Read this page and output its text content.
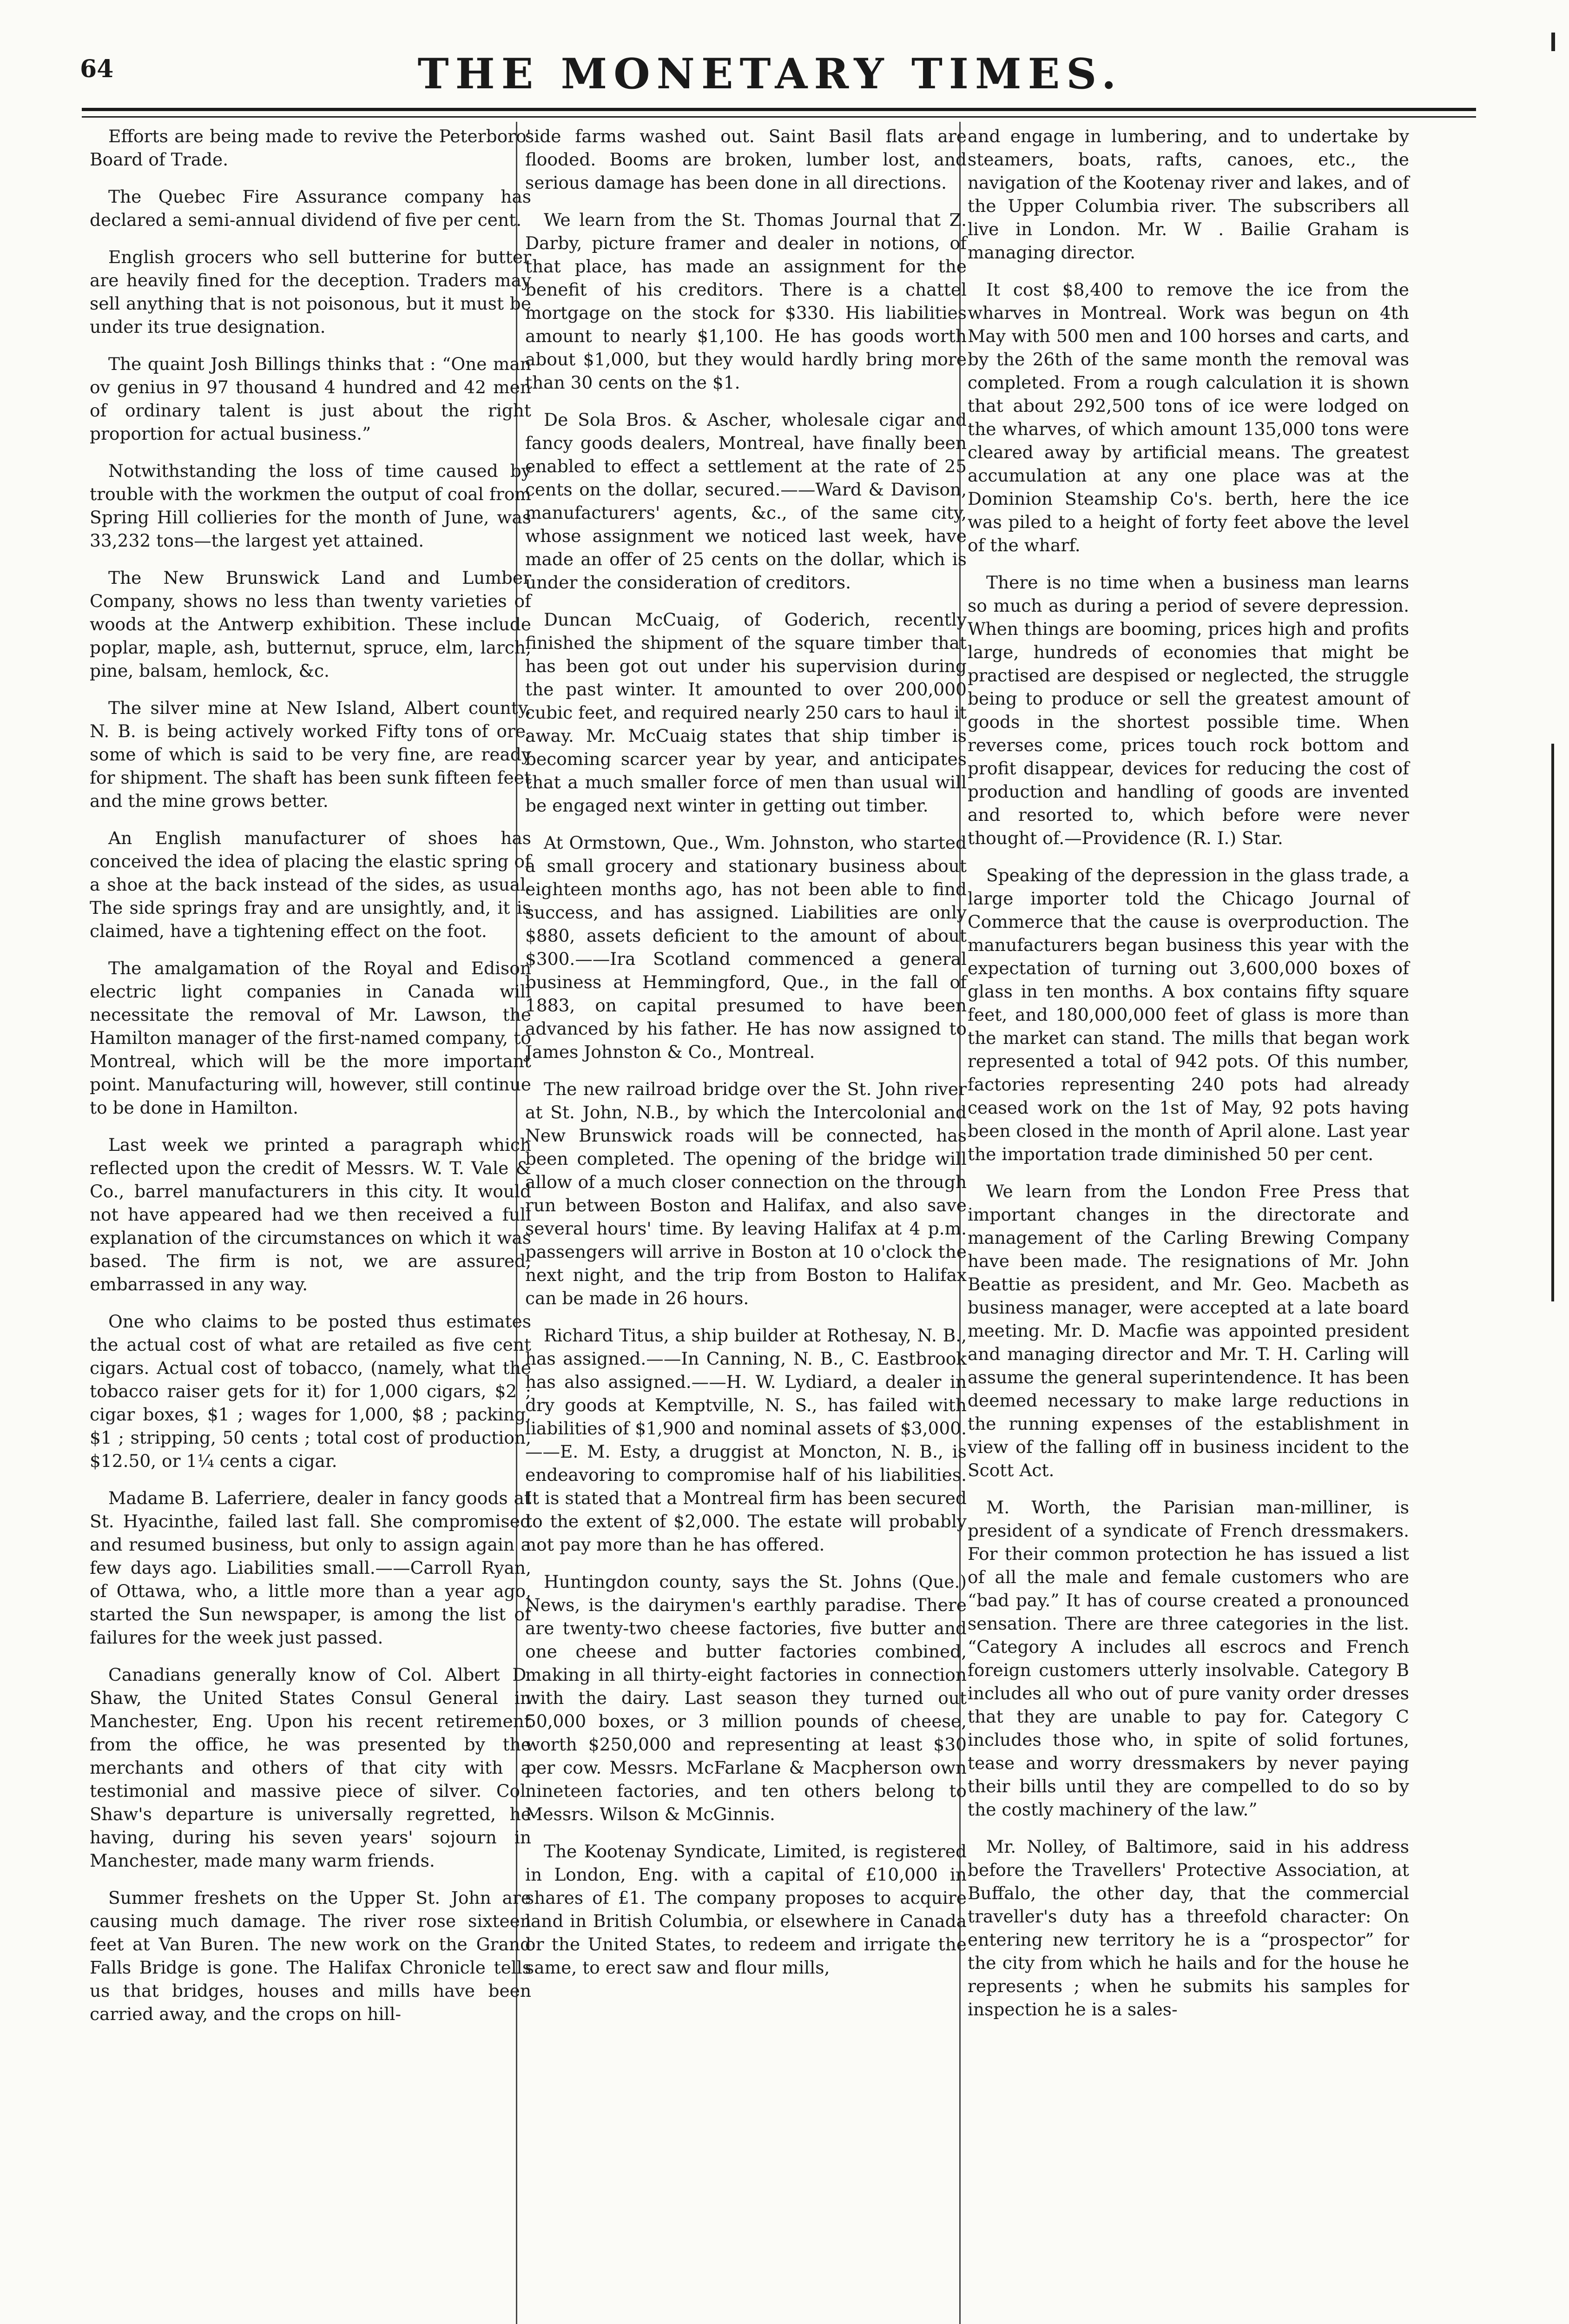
64	THE MONETARY TIMES.

Efforts are being made to revive the Peterboro' Board of Trade.

The Quebec Fire Assurance company has declared a semi-annual dividend of five per cent.

English grocers who sell butterine for butter are heavily fined for the deception. Traders may sell anything that is not poisonous, but it must be under its true designation.

The quaint Josh Billings thinks that : “One man ov genius in 97 thousand 4 hundred and 42 men of ordinary talent is just about the right proportion for actual business.”

Notwithstanding the loss of time caused by trouble with the workmen the output of coal from Spring Hill collieries for the month of June, was 33,232 tons—the largest yet attained.

The New Brunswick Land and Lumber Company, shows no less than twenty varieties of woods at the Antwerp exhibition. These include poplar, maple, ash, butternut, spruce, elm, larch, pine, balsam, hemlock, &c.

The silver mine at New Island, Albert county, N. B. is being actively worked Fifty tons of ore, some of which is said to be very fine, are ready for shipment. The shaft has been sunk fifteen feet and the mine grows better.

An English manufacturer of shoes has conceived the idea of placing the elastic spring of a shoe at the back instead of the sides, as usual. The side springs fray and are unsightly, and, it is claimed, have a tightening effect on the foot.

The amalgamation of the Royal and Edison electric light companies in Canada will necessitate the removal of Mr. Lawson, the Hamilton manager of the first-named company, to Montreal, which will be the more important point. Manufacturing will, however, still continue to be done in Hamilton.

Last week we printed a paragraph which reflected upon the credit of Messrs. W. T. Vale & Co., barrel manufacturers in this city. It would not have appeared had we then received a full explanation of the circumstances on which it was based. The firm is not, we are assured, embarrassed in any way.

One who claims to be posted thus estimates the actual cost of what are retailed as five cent cigars. Actual cost of tobacco, (namely, what the tobacco raiser gets for it) for 1,000 cigars, $2 ; cigar boxes, $1 ; wages for 1,000, $8 ; packing, $1 ; stripping, 50 cents ; total cost of production, $12.50, or 1¼ cents a cigar.

Madame B. Laferriere, dealer in fancy goods at St. Hyacinthe, failed last fall. She compromised and resumed business, but only to assign again a few days ago. Liabilities small.——Carroll Ryan, of Ottawa, who, a little more than a year ago, started the Sun newspaper, is among the list of failures for the week just passed.

Canadians generally know of Col. Albert D. Shaw, the United States Consul General in Manchester, Eng. Upon his recent retirement from the office, he was presented by the merchants and others of that city with a testimonial and massive piece of silver. Col. Shaw's departure is universally regretted, he having, during his seven years' sojourn in Manchester, made many warm friends.

Summer freshets on the Upper St. John are causing much damage. The river rose sixteen feet at Van Buren. The new work on the Grand Falls Bridge is gone. The Halifax Chronicle tells us that bridges, houses and mills have been carried away, and the crops on hill-

side farms washed out. Saint Basil flats are flooded. Booms are broken, lumber lost, and serious damage has been done in all directions.

We learn from the St. Thomas Journal that Z. Darby, picture framer and dealer in notions, of that place, has made an assignment for the benefit of his creditors. There is a chattel mortgage on the stock for $330. His liabilities amount to nearly $1,100. He has goods worth about $1,000, but they would hardly bring more than 30 cents on the $1.

De Sola Bros. & Ascher, wholesale cigar and fancy goods dealers, Montreal, have finally been enabled to effect a settlement at the rate of 25 cents on the dollar, secured.——Ward & Davison, manufacturers' agents, &c., of the same city, whose assignment we noticed last week, have made an offer of 25 cents on the dollar, which is under the consideration of creditors.

Duncan McCuaig, of Goderich, recently finished the shipment of the square timber that has been got out under his supervision during the past winter. It amounted to over 200,000 cubic feet, and required nearly 250 cars to haul it away. Mr. McCuaig states that ship timber is becoming scarcer year by year, and anticipates that a much smaller force of men than usual will be engaged next winter in getting out timber.

At Ormstown, Que., Wm. Johnston, who started a small grocery and stationary business about eighteen months ago, has not been able to find success, and has assigned. Liabilities are only $880, assets deficient to the amount of about $300.——Ira Scotland commenced a general business at Hemmingford, Que., in the fall of 1883, on capital presumed to have been advanced by his father. He has now assigned to James Johnston & Co., Montreal.

The new railroad bridge over the St. John river at St. John, N.B., by which the Intercolonial and New Brunswick roads will be connected, has been completed. The opening of the bridge will allow of a much closer connection on the through run between Boston and Halifax, and also save several hours' time. By leaving Halifax at 4 p.m. passengers will arrive in Boston at 10 o'clock the next night, and the trip from Boston to Halifax can be made in 26 hours.

Richard Titus, a ship builder at Rothesay, N. B., has assigned.——In Canning, N. B., C. Eastbrook has also assigned.——H. W. Lydiard, a dealer in dry goods at Kemptville, N. S., has failed with liabilities of $1,900 and nominal assets of $3,000.——E. M. Esty, a druggist at Moncton, N. B., is endeavoring to compromise half of his liabilities. It is stated that a Montreal firm has been secured to the extent of $2,000. The estate will probably not pay more than he has offered.

Huntingdon county, says the St. Johns (Que.) News, is the dairymen's earthly paradise. There are twenty-two cheese factories, five butter and one cheese and butter factories combined, making in all thirty-eight factories in connection with the dairy. Last season they turned out 50,000 boxes, or 3 million pounds of cheese, worth $250,000 and representing at least $30 per cow. Messrs. McFarlane & Macpherson own nineteen factories, and ten others belong to Messrs. Wilson & McGinnis.

The Kootenay Syndicate, Limited, is registered in London, Eng. with a capital of £10,000 in shares of £1. The company proposes to acquire land in British Columbia, or elsewhere in Canada or the United States, to redeem and irrigate the same, to erect saw and flour mills,

and engage in lumbering, and to undertake by steamers, boats, rafts, canoes, etc., the navigation of the Kootenay river and lakes, and of the Upper Columbia river. The subscribers all live in London. Mr. W . Bailie Graham is managing director.

It cost $8,400 to remove the ice from the wharves in Montreal. Work was begun on 4th May with 500 men and 100 horses and carts, and by the 26th of the same month the removal was completed. From a rough calculation it is shown that about 292,500 tons of ice were lodged on the wharves, of which amount 135,000 tons were cleared away by artificial means. The greatest accumulation at any one place was at the Dominion Steamship Co's. berth, here the ice was piled to a height of forty feet above the level of the wharf.

There is no time when a business man learns so much as during a period of severe depression. When things are booming, prices high and profits large, hundreds of economies that might be practised are despised or neglected, the struggle being to produce or sell the greatest amount of goods in the shortest possible time. When reverses come, prices touch rock bottom and profit disappear, devices for reducing the cost of production and handling of goods are invented and resorted to, which before were never thought of.—Providence (R. I.) Star.

Speaking of the depression in the glass trade, a large importer told the Chicago Journal of Commerce that the cause is overproduction. The manufacturers began business this year with the expectation of turning out 3,600,000 boxes of glass in ten months. A box contains fifty square feet, and 180,000,000 feet of glass is more than the market can stand. The mills that began work represented a total of 942 pots. Of this number, factories representing 240 pots had already ceased work on the 1st of May, 92 pots having been closed in the month of April alone. Last year the importation trade diminished 50 per cent.

We learn from the London Free Press that important changes in the directorate and management of the Carling Brewing Company have been made. The resignations of Mr. John Beattie as president, and Mr. Geo. Macbeth as business manager, were accepted at a late board meeting. Mr. D. Macfie was appointed president and managing director and Mr. T. H. Carling will assume the general superintendence. It has been deemed necessary to make large reductions in the running expenses of the establishment in view of the falling off in business incident to the Scott Act.

M. Worth, the Parisian man-milliner, is president of a syndicate of French dressmakers. For their common protection he has issued a list of all the male and female customers who are “bad pay.” It has of course created a pronounced sensation. There are three categories in the list. “Category A includes all escrocs and French foreign customers utterly insolvable. Category B includes all who out of pure vanity order dresses that they are unable to pay for. Category C includes those who, in spite of solid fortunes, tease and worry dressmakers by never paying their bills until they are compelled to do so by the costly machinery of the law.”

Mr. Nolley, of Baltimore, said in his address before the Travellers' Protective Association, at Buffalo, the other day, that the commercial traveller's duty has a threefold character: On entering new territory he is a “prospector” for the city from which he hails and for the house he represents ; when he submits his samples for inspection he is a sales-
